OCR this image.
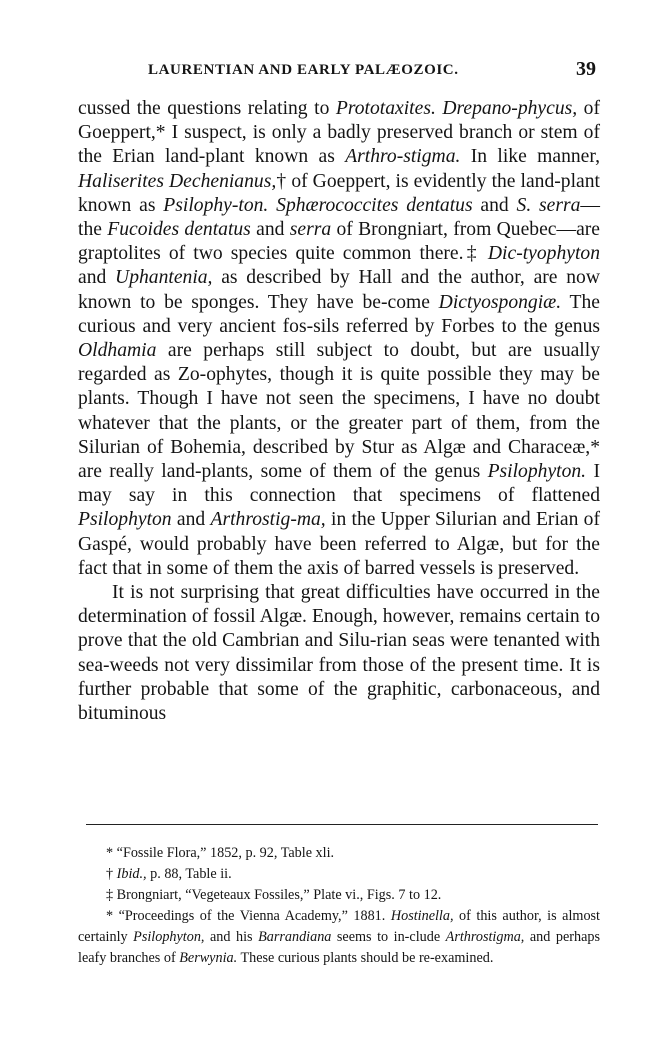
LAURENTIAN AND EARLY PALÆOZOIC.	39

cussed the questions relating to Prototaxites. Drepano-phycus, of Goeppert,* I suspect, is only a badly preserved branch or stem of the Erian land-plant known as Arthro-stigma. In like manner, Haliserites Dechenianus,† of Goeppert, is evidently the land-plant known as Psilophy-ton. Sphærococcites dentatus and S. serra—the Fucoides dentatus and serra of Brongniart, from Quebec—are graptolites of two species quite common there.‡ Dic-tyophyton and Uphantenia, as described by Hall and the author, are now known to be sponges. They have be-come Dictyospongiæ. The curious and very ancient fos-sils referred by Forbes to the genus Oldhamia are perhaps still subject to doubt, but are usually regarded as Zo-ophytes, though it is quite possible they may be plants. Though I have not seen the specimens, I have no doubt whatever that the plants, or the greater part of them, from the Silurian of Bohemia, described by Stur as Algæ and Characeæ,* are really land-plants, some of them of the genus Psilophyton. I may say in this connection that specimens of flattened Psilophyton and Arthrostig-ma, in the Upper Silurian and Erian of Gaspé, would probably have been referred to Algæ, but for the fact that in some of them the axis of barred vessels is preserved.

It is not surprising that great difficulties have occurred in the determination of fossil Algæ. Enough, however, remains certain to prove that the old Cambrian and Silu-rian seas were tenanted with sea-weeds not very dissimilar from those of the present time. It is further probable that some of the graphitic, carbonaceous, and bituminous

* “Fossile Flora,” 1852, p. 92, Table xli.

† Ibid., p. 88, Table ii.

‡ Brongniart, “Vegeteaux Fossiles,” Plate vi., Figs. 7 to 12.

* “Proceedings of the Vienna Academy,” 1881. Hostinella, of this author, is almost certainly Psilophyton, and his Barrandiana seems to in-clude Arthrostigma, and perhaps leafy branches of Berwynia. These curious plants should be re-examined.
